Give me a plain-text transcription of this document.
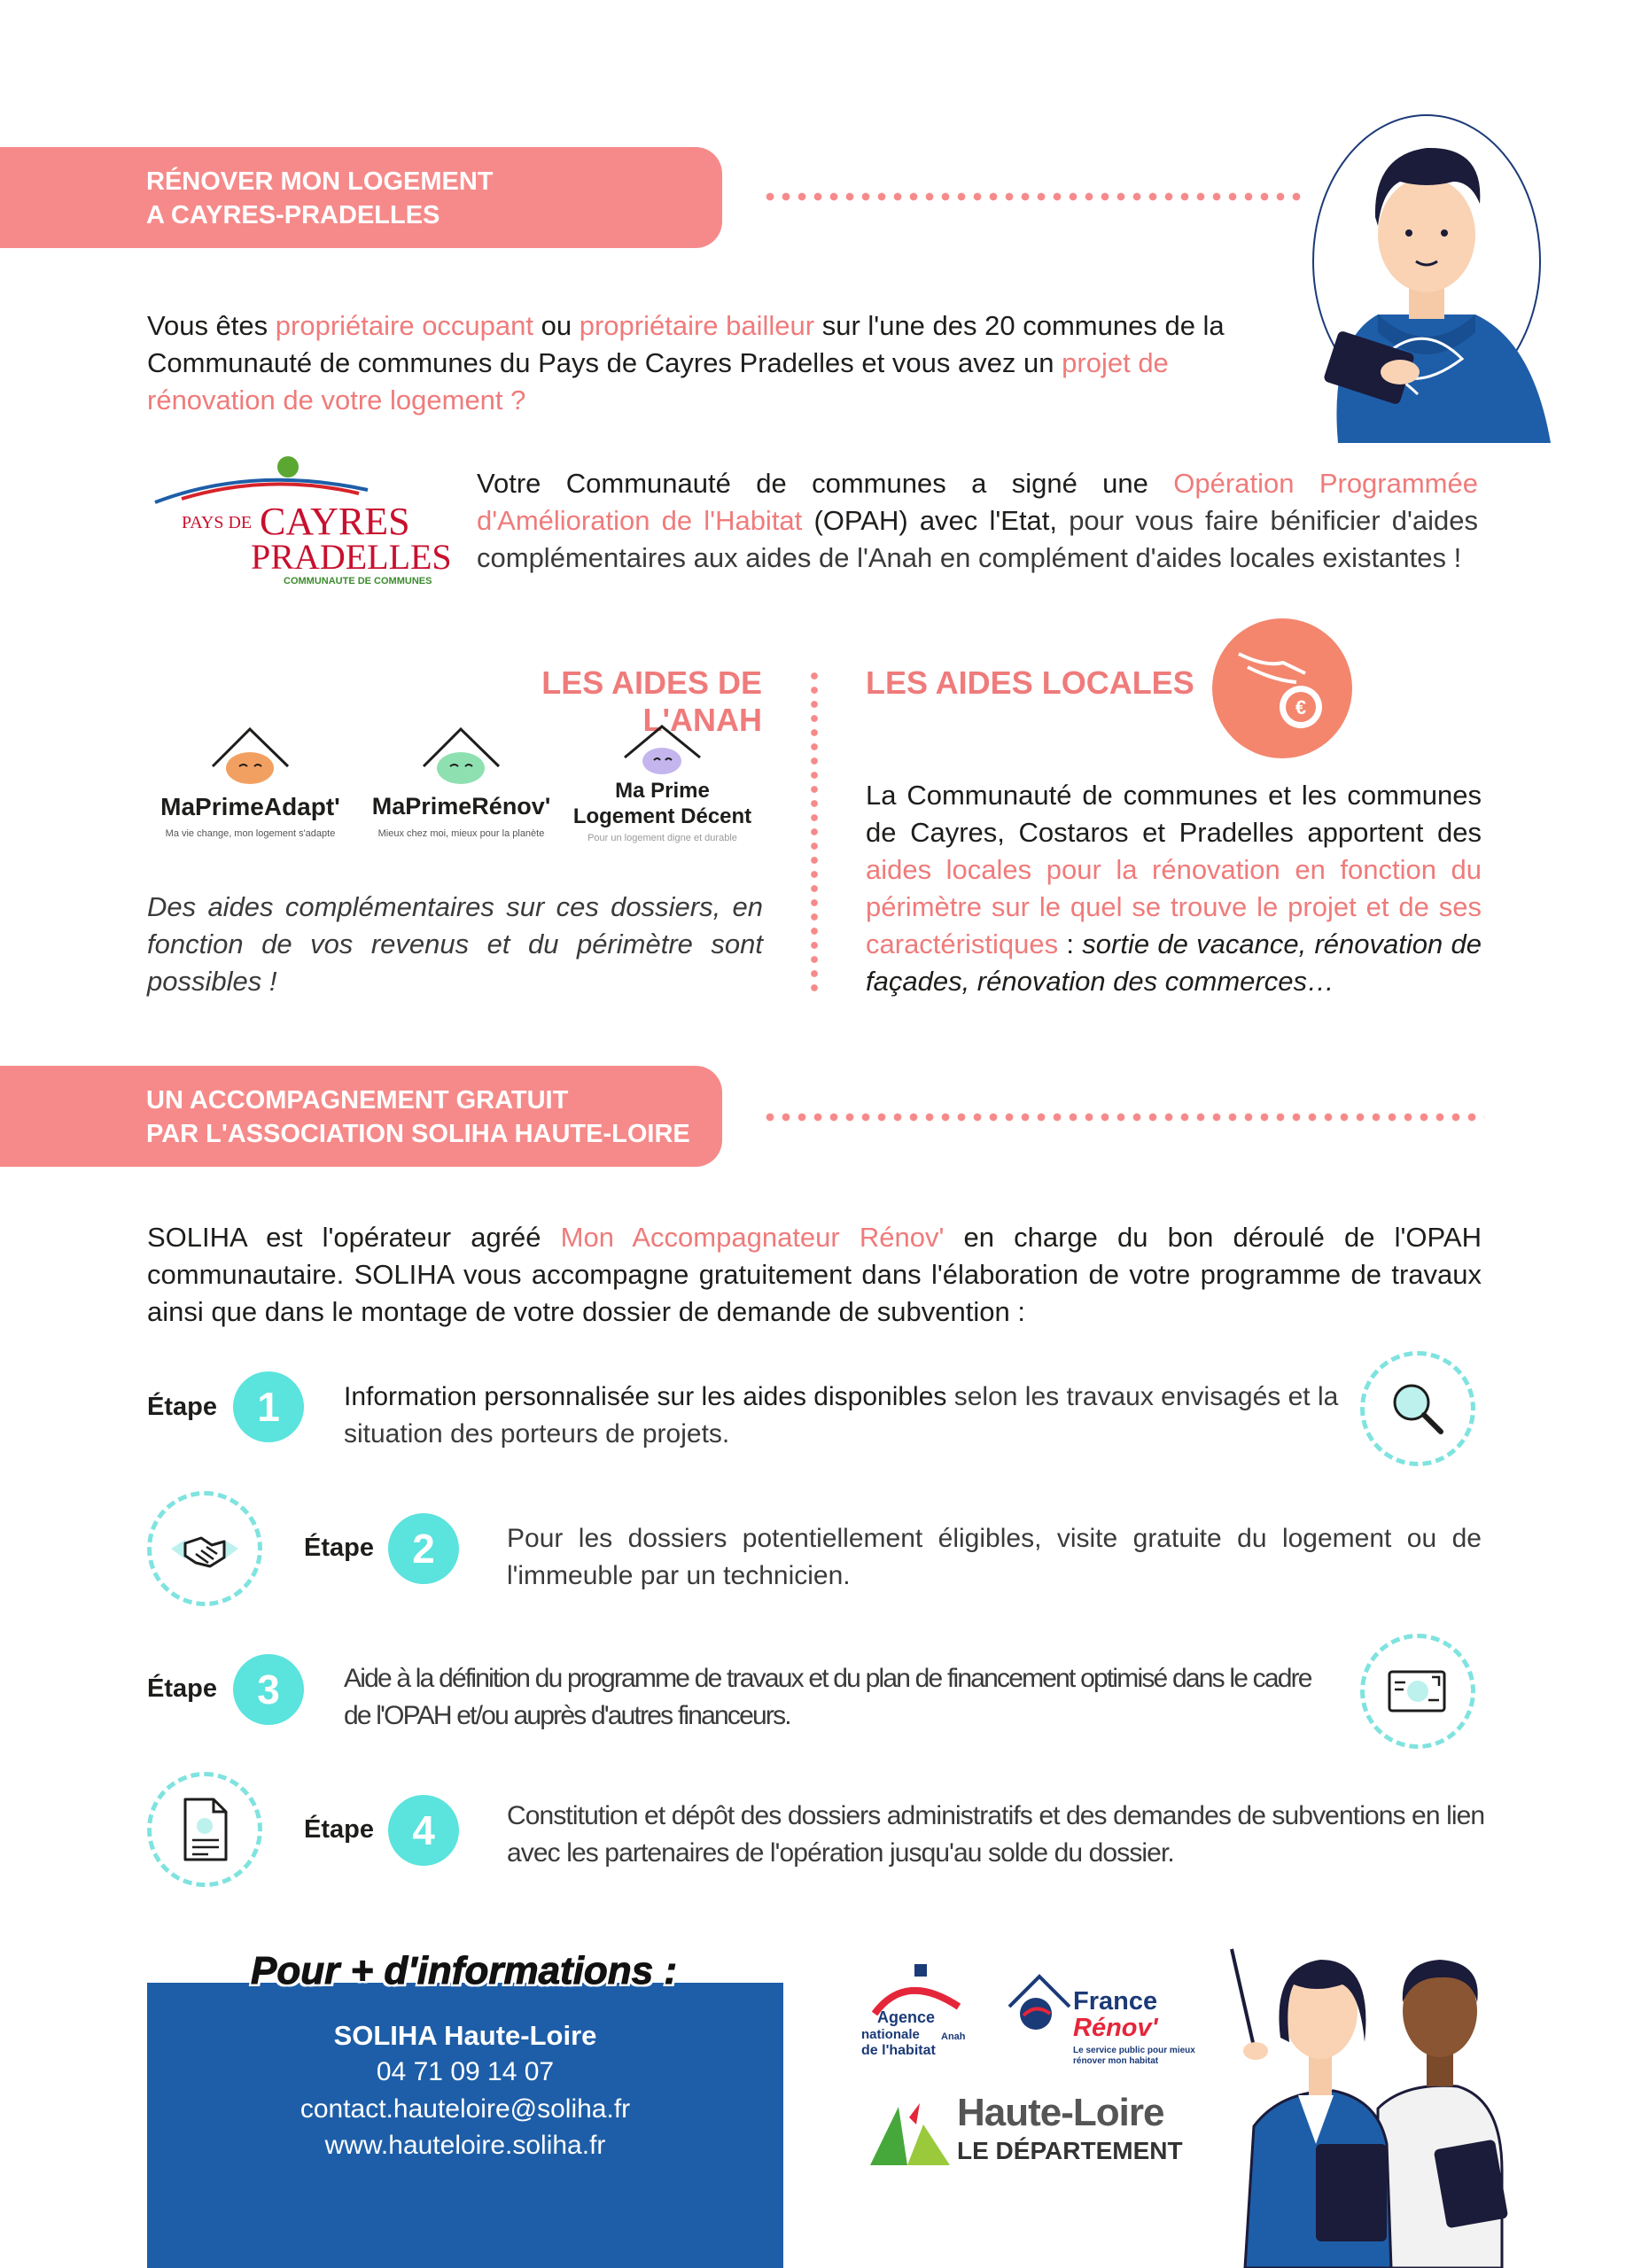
RÉNOVER MON LOGEMENT
A CAYRES-PRADELLES
Vous êtes propriétaire occupant ou propriétaire bailleur sur l'une des 20 communes de la Communauté de communes du Pays de Cayres Pradelles et vous avez un projet de rénovation de votre logement ?
PAYS DE CAYRES
PRADELLES
COMMUNAUTE DE COMMUNES
Votre Communauté de communes a signé une Opération Programmée d'Amélioration de l'Habitat (OPAH) avec l'Etat, pour vous faire bénificier d'aides complémentaires aux aides de l'Anah en complément d'aides locales existantes !
LES AIDES DE L'ANAH
MaPrimeAdapt'
Ma vie change, mon logement s'adapte
MaPrimeRénov'
Mieux chez moi, mieux pour la planète
Ma Prime
Logement Décent
Pour un logement digne et durable
Des aides complémentaires sur ces dossiers, en fonction de vos revenus et du périmètre sont possibles !
LES AIDES LOCALES
€
La Communauté de communes et les communes de Cayres, Costaros et Pradelles apportent des aides locales pour la rénovation en fonction du périmètre sur le quel se trouve le projet et de ses caractéristiques : sortie de vacance, rénovation de façades, rénovation des commerces…
UN ACCOMPAGNEMENT GRATUIT
PAR L'ASSOCIATION SOLIHA HAUTE-LOIRE
SOLIHA est l'opérateur agréé Mon Accompagnateur Rénov' en charge du bon déroulé de l'OPAH communautaire. SOLIHA vous accompagne gratuitement dans l'élaboration de votre programme de travaux ainsi que dans le montage de votre dossier de demande de subvention :
Étape 1	Information personnalisée sur les aides disponibles selon les travaux envisagés et la situation des porteurs de projets.
Étape 2	Pour les dossiers potentiellement éligibles, visite gratuite du logement ou de l'immeuble par un technicien.
Étape 3	Aide à la définition du programme de travaux et du plan de financement optimisé dans le cadre de l'OPAH et/ou auprès d'autres financeurs.
Étape 4	Constitution et dépôt des dossiers administratifs et des demandes de subventions en lien avec les partenaires de l'opération jusqu'au solde du dossier.
Pour + d'informations :
SOLIHA Haute-Loire
04 71 09 14 07
contact.hauteloire@soliha.fr
www.hauteloire.soliha.fr
Agence
nationale Anah
de l'habitat
France
Rénov'
Le service public pour mieux rénover mon habitat
Haute-Loire
LE DÉPARTEMENT
